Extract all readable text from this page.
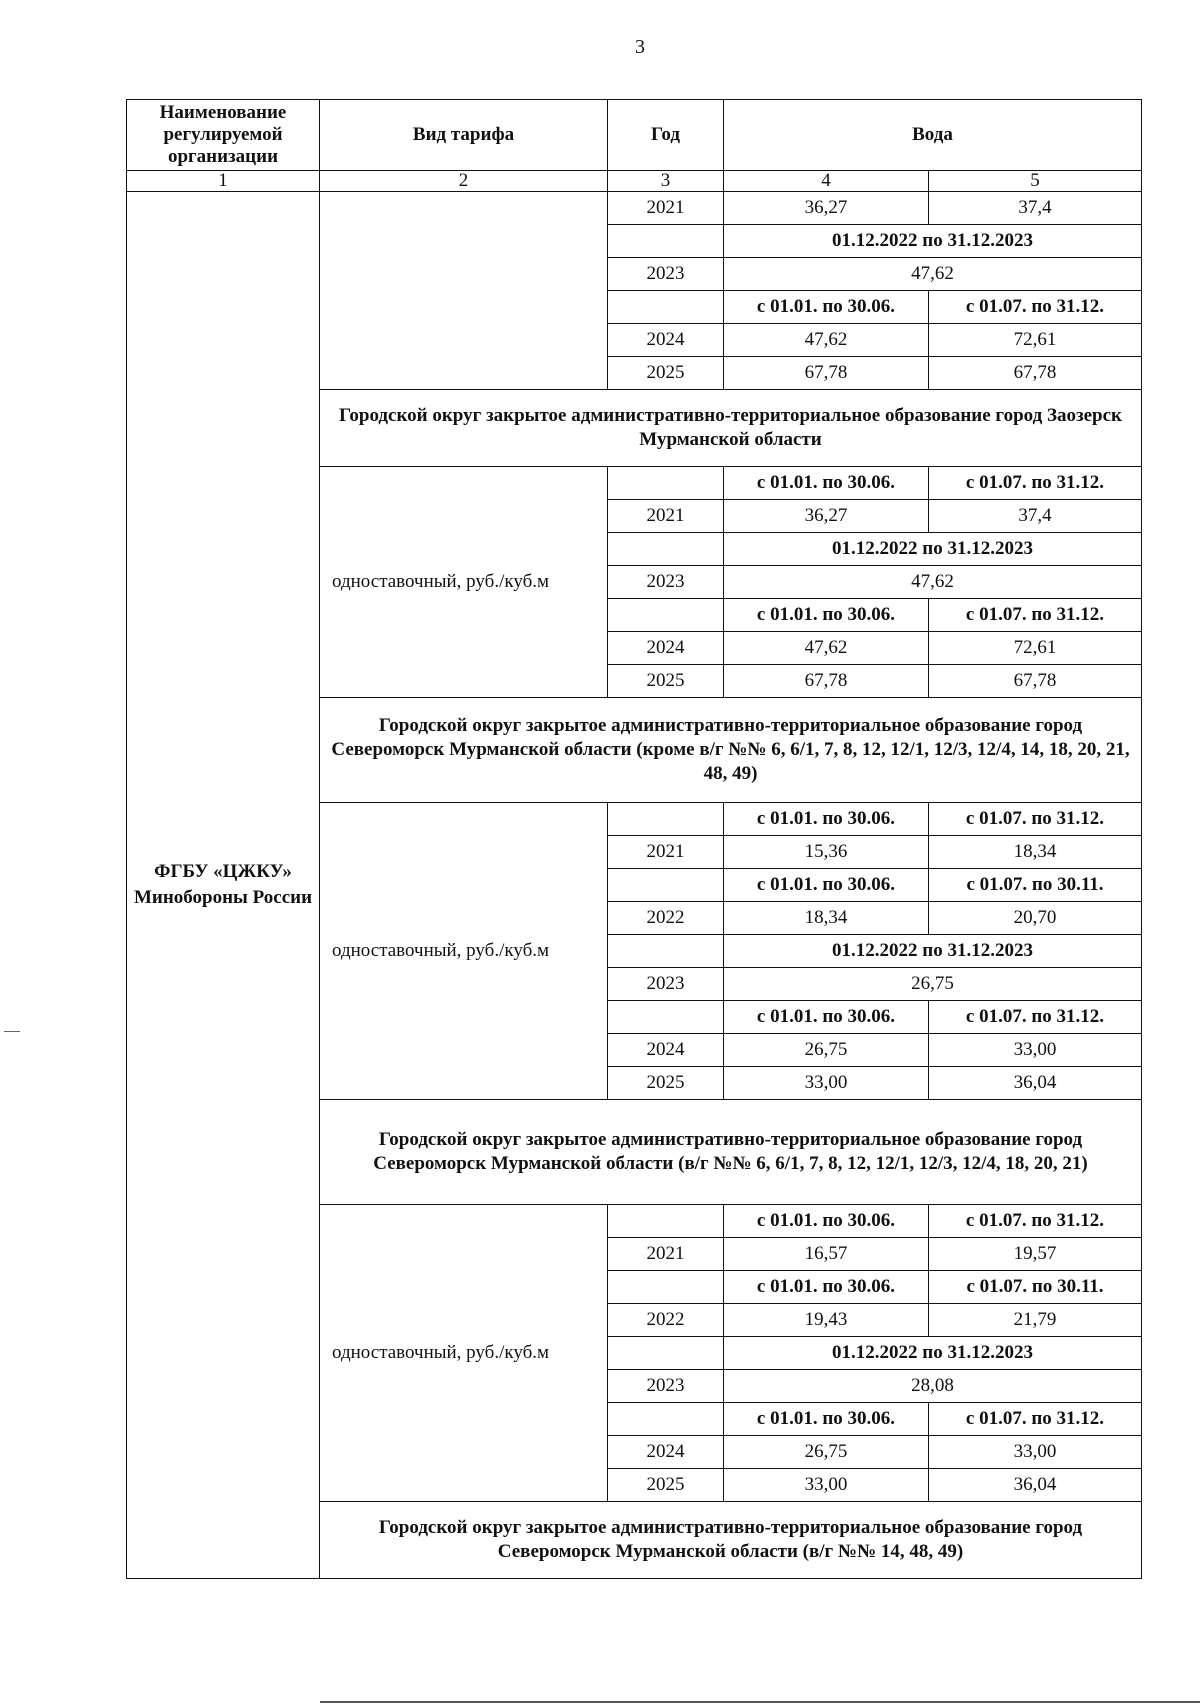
3
Наименование регулируемой организации	Вид тарифа	Год	Вода	
1	2	3	4	5
ФГБУ «ЦЖКУ» Минобороны России		2021	36,27	37,4
			01.12.2022 по 31.12.2023	
		2023	47,62	
			с 01.01. по 30.06.	с 01.07. по 31.12.
		2024	47,62	72,61
		2025	67,78	67,78
	Городской округ закрытое административно-территориальное образование город Заозерск Мурманской области			
	одноставочный, руб./куб.м		с 01.01. по 30.06.	с 01.07. по 31.12.
		2021	36,27	37,4
			01.12.2022 по 31.12.2023	
		2023	47,62	
			с 01.01. по 30.06.	с 01.07. по 31.12.
		2024	47,62	72,61
		2025	67,78	67,78
	Городской округ закрытое административно-территориальное образование город Североморск Мурманской области (кроме в/г №№ 6, 6/1, 7, 8, 12, 12/1, 12/3, 12/4, 14, 18, 20, 21, 48, 49)			
	одноставочный, руб./куб.м		с 01.01. по 30.06.	с 01.07. по 31.12.
		2021	15,36	18,34
			с 01.01. по 30.06.	с 01.07. по 30.11.
		2022	18,34	20,70
			01.12.2022 по 31.12.2023	
		2023	26,75	
			с 01.01. по 30.06.	с 01.07. по 31.12.
		2024	26,75	33,00
		2025	33,00	36,04
	Городской округ закрытое административно-территориальное образование город Североморск Мурманской области (в/г №№ 6, 6/1, 7, 8, 12, 12/1, 12/3, 12/4, 18, 20, 21)			
	одноставочный, руб./куб.м		с 01.01. по 30.06.	с 01.07. по 31.12.
		2021	16,57	19,57
			с 01.01. по 30.06.	с 01.07. по 30.11.
		2022	19,43	21,79
			01.12.2022 по 31.12.2023	
		2023	28,08	
			с 01.01. по 30.06.	с 01.07. по 31.12.
		2024	26,75	33,00
		2025	33,00	36,04
	Городской округ закрытое административно-территориальное образование город Североморск Мурманской области (в/г №№ 14, 48, 49)			
